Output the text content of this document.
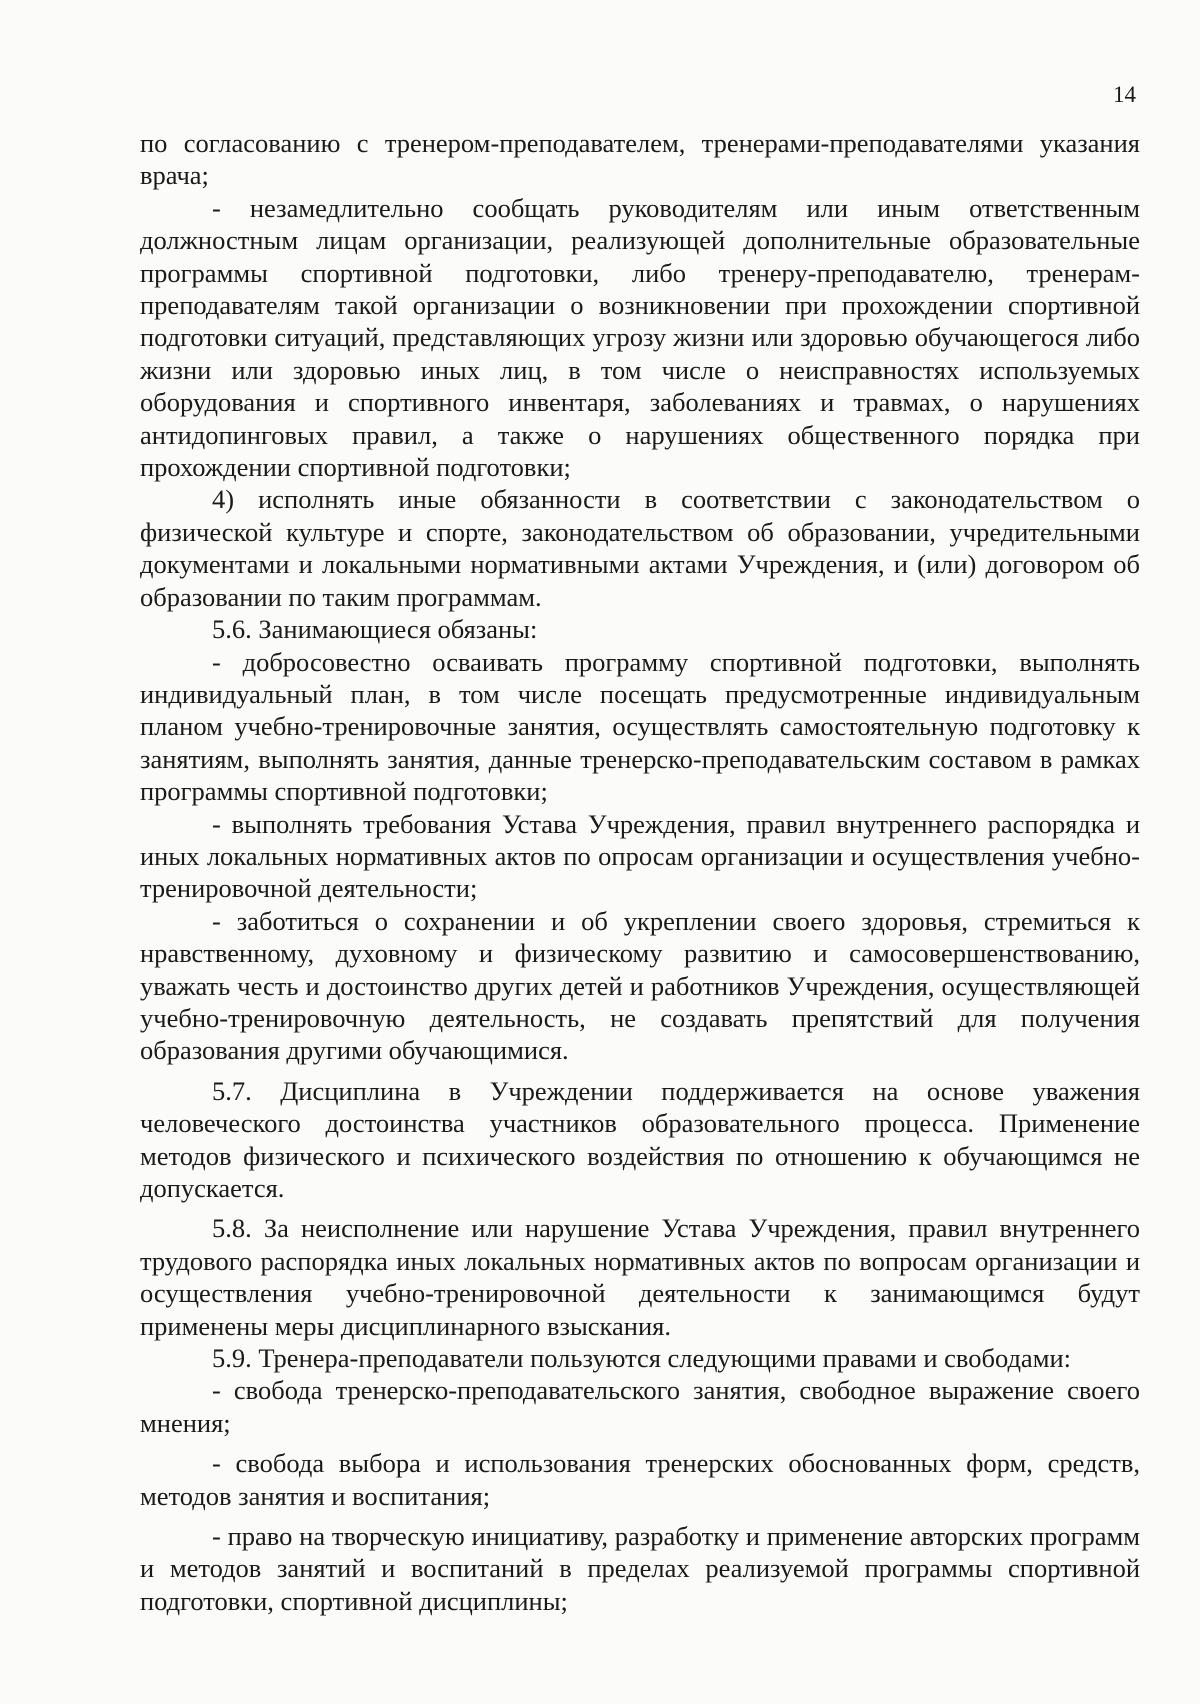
14

по согласованию с тренером-преподавателем, тренерами-преподавателями указания врача;

- незамедлительно сообщать руководителям или иным ответственным должностным лицам организации, реализующей дополнительные образовательные программы спортивной подготовки, либо тренеру-преподавателю, тренерам-преподавателям такой организации о возникновении при прохождении спортивной подготовки ситуаций, представляющих угрозу жизни или здоровью обучающегося либо жизни или здоровью иных лиц, в том числе о неисправностях используемых оборудования и спортивного инвентаря, заболеваниях и травмах, о нарушениях антидопинговых правил, а также о нарушениях общественного порядка при прохождении спортивной подготовки;

4) исполнять иные обязанности в соответствии с законодательством о физической культуре и спорте, законодательством об образовании, учредительными документами и локальными нормативными актами Учреждения, и (или) договором об образовании по таким программам.

5.6. Занимающиеся обязаны:

- добросовестно осваивать программу спортивной подготовки, выполнять индивидуальный план, в том числе посещать предусмотренные индивидуальным планом учебно-тренировочные занятия, осуществлять самостоятельную подготовку к занятиям, выполнять занятия, данные тренерско-преподавательским составом в рамках программы спортивной подготовки;

- выполнять требования Устава Учреждения, правил внутреннего распорядка и иных локальных нормативных актов по опросам организации и осуществления учебно-тренировочной деятельности;

- заботиться о сохранении и об укреплении своего здоровья, стремиться к нравственному, духовному и физическому развитию и самосовершенствованию, уважать честь и достоинство других детей и работников Учреждения, осуществляющей учебно-тренировочную деятельность, не создавать препятствий для получения образования другими обучающимися.

5.7. Дисциплина в Учреждении поддерживается на основе уважения человеческого достоинства участников образовательного процесса. Применение методов физического и психического воздействия по отношению к обучающимся не допускается.

5.8. За неисполнение или нарушение Устава Учреждения, правил внутреннего трудового распорядка иных локальных нормативных актов по вопросам организации и осуществления учебно-тренировочной деятельности к занимающимся будут применены меры дисциплинарного взыскания.

5.9. Тренера-преподаватели пользуются следующими правами и свободами:

- свобода тренерско-преподавательского занятия, свободное выражение своего мнения;

- свобода выбора и использования тренерских обоснованных форм, средств, методов занятия и воспитания;

- право на творческую инициативу, разработку и применение авторских программ и методов занятий и воспитаний в пределах реализуемой программы спортивной подготовки, спортивной дисциплины;
